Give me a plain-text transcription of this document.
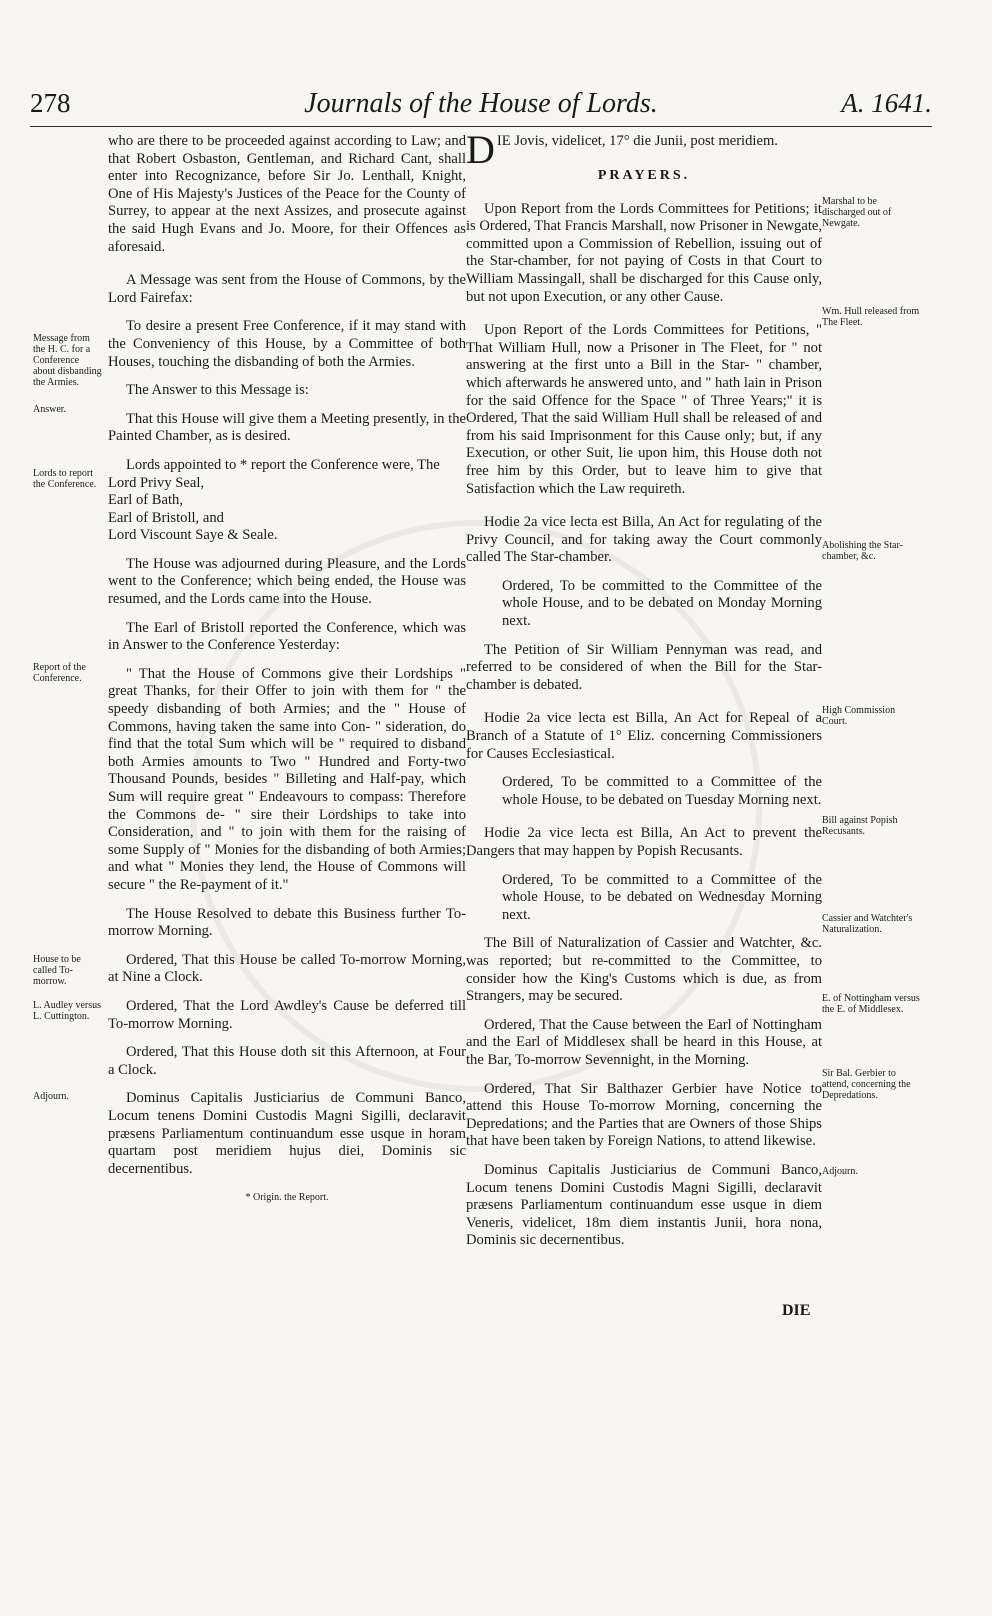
278	Journals of the House of Lords.	A. 1641.
Message from the H. C. for a Conference about disbanding the Armies.
Answer.
Lords to report the Conference.
Report of the Conference.
House to be called To-morrow.
L. Audley versus L. Cuttington.
Adjourn.
Marshal to be discharged out of Newgate.
Wm. Hull released from The Fleet.
Abolishing the Star-chamber, &c.
High Commission Court.
Bill against Popish Recusants.
Cassier and Watchter's Naturalization.
E. of Nottingham versus the E. of Middlesex.
Sir Bal. Gerbier to attend, concerning the Depredations.
Adjourn.

who are there to be proceeded against according to Law; and that Robert Osbaston, Gentleman, and Richard Cant, shall enter into Recognizance, before Sir Jo. Lenthall, Knight, One of His Majesty's Justices of the Peace for the County of Surrey, to appear at the next Assizes, and prosecute against the said Hugh Evans and Jo. Moore, for their Offences as aforesaid.

A Message was sent from the House of Commons, by the Lord Fairefax:

To desire a present Free Conference, if it may stand with the Conveniency of this House, by a Committee of both Houses, touching the disbanding of both the Armies.

The Answer to this Message is:

That this House will give them a Meeting presently, in the Painted Chamber, as is desired.

Lords appointed to * report the Conference were, The

Lord Privy Seal,
Earl of Bath,
Earl of Bristoll, and
Lord Viscount Saye & Seale.

The House was adjourned during Pleasure, and the Lords went to the Conference; which being ended, the House was resumed, and the Lords came into the House.

The Earl of Bristoll reported the Conference, which was in Answer to the Conference Yesterday:

" That the House of Commons give their Lordships " great Thanks, for their Offer to join with them for " the speedy disbanding of both Armies; and the " House of Commons, having taken the same into Con- " sideration, do find that the total Sum which will be " required to disband both Armies amounts to Two " Hundred and Forty-two Thousand Pounds, besides " Billeting and Half-pay, which Sum will require great " Endeavours to compass: Therefore the Commons de- " sire their Lordships to take into Consideration, and " to join with them for the raising of some Supply of " Monies for the disbanding of both Armies; and what " Monies they lend, the House of Commons will secure " the Re-payment of it."

The House Resolved to debate this Business further To-morrow Morning.

Ordered, That this House be called To-morrow Morning, at Nine a Clock.

Ordered, That the Lord Awdley's Cause be deferred till To-morrow Morning.

Ordered, That this House doth sit this Afternoon, at Four a Clock.

Dominus Capitalis Justiciarius de Communi Banco, Locum tenens Domini Custodis Magni Sigilli, declaravit præsens Parliamentum continuandum esse usque in horam quartam post meridiem hujus diei, Dominis sic decernentibus.

* Origin. the Report.

D IE Jovis, videlicet, 17° die Junii, post meridiem.

PRAYERS.

Upon Report from the Lords Committees for Petitions; it is Ordered, That Francis Marshall, now Prisoner in Newgate, committed upon a Commission of Rebellion, issuing out of the Star-chamber, for not paying of Costs in that Court to William Massingall, shall be discharged for this Cause only, but not upon Execution, or any other Cause.

Upon Report of the Lords Committees for Petitions, " That William Hull, now a Prisoner in The Fleet, for " not answering at the first unto a Bill in the Star- " chamber, which afterwards he answered unto, and " hath lain in Prison for the said Offence for the Space " of Three Years;" it is Ordered, That the said William Hull shall be released of and from his said Imprisonment for this Cause only; but, if any Execution, or other Suit, lie upon him, this House doth not free him by this Order, but to leave him to give that Satisfaction which the Law requireth.

Hodie 2a vice lecta est Billa, An Act for regulating of the Privy Council, and for taking away the Court commonly called The Star-chamber.

Ordered, To be committed to the Committee of the whole House, and to be debated on Monday Morning next.

The Petition of Sir William Pennyman was read, and referred to be considered of when the Bill for the Star-chamber is debated.

Hodie 2a vice lecta est Billa, An Act for Repeal of a Branch of a Statute of 1° Eliz. concerning Commissioners for Causes Ecclesiastical.

Ordered, To be committed to a Committee of the whole House, to be debated on Tuesday Morning next.

Hodie 2a vice lecta est Billa, An Act to prevent the Dangers that may happen by Popish Recusants.

Ordered, To be committed to a Committee of the whole House, to be debated on Wednesday Morning next.

The Bill of Naturalization of Cassier and Watchter, &c. was reported; but re-committed to the Committee, to consider how the King's Customs which is due, as from Strangers, may be secured.

Ordered, That the Cause between the Earl of Nottingham and the Earl of Middlesex shall be heard in this House, at the Bar, To-morrow Sevennight, in the Morning.

Ordered, That Sir Balthazer Gerbier have Notice to attend this House To-morrow Morning, concerning the Depredations; and the Parties that are Owners of those Ships that have been taken by Foreign Nations, to attend likewise.

Dominus Capitalis Justiciarius de Communi Banco, Locum tenens Domini Custodis Magni Sigilli, declaravit præsens Parliamentum continuandum esse usque in diem Veneris, videlicet, 18m diem instantis Junii, hora nona, Dominis sic decernentibus.

DIE
